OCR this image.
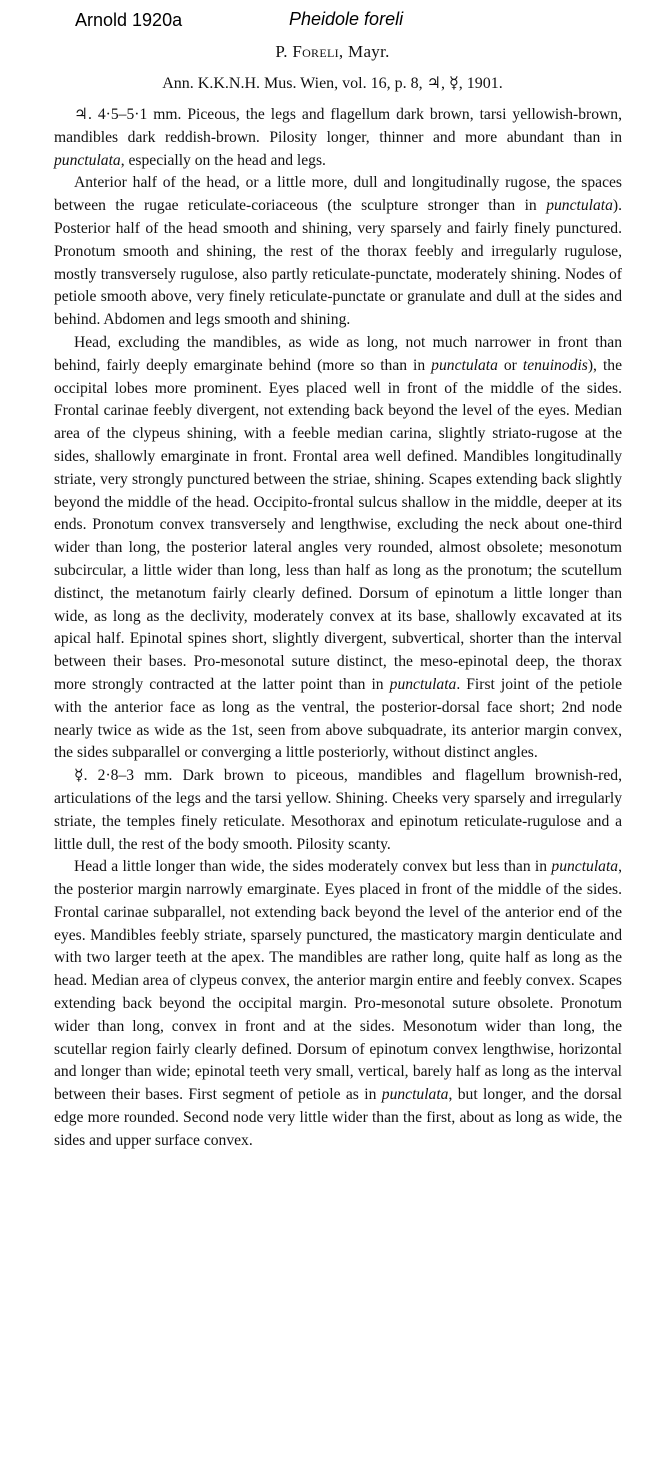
Arnold 1920a	Pheidole foreli
P. Foreli, Mayr.
Ann. K.K.N.H. Mus. Wien, vol. 16, p. 8, ♃, ☿, 1901.

♃. 4·5–5·1 mm. Piceous, the legs and flagellum dark brown, tarsi yellowish-brown, mandibles dark reddish-brown. Pilosity longer, thinner and more abundant than in punctulata, especially on the head and legs.

Anterior half of the head, or a little more, dull and longitudinally rugose, the spaces between the rugae reticulate-coriaceous (the sculpture stronger than in punctulata). Posterior half of the head smooth and shining, very sparsely and fairly finely punctured. Pronotum smooth and shining, the rest of the thorax feebly and irregularly rugulose, mostly transversely rugulose, also partly reticulate-punctate, moderately shining. Nodes of petiole smooth above, very finely reticulate-punctate or granulate and dull at the sides and behind. Abdomen and legs smooth and shining.

Head, excluding the mandibles, as wide as long, not much narrower in front than behind, fairly deeply emarginate behind (more so than in punctulata or tenuinodis), the occipital lobes more prominent. Eyes placed well in front of the middle of the sides. Frontal carinae feebly divergent, not extending back beyond the level of the eyes. Median area of the clypeus shining, with a feeble median carina, slightly striato-rugose at the sides, shallowly emarginate in front. Frontal area well defined. Mandibles longitudinally striate, very strongly punctured between the striae, shining. Scapes extending back slightly beyond the middle of the head. Occipito-frontal sulcus shallow in the middle, deeper at its ends. Pronotum convex transversely and lengthwise, excluding the neck about one-third wider than long, the posterior lateral angles very rounded, almost obsolete; mesonotum subcircular, a little wider than long, less than half as long as the pronotum; the scutellum distinct, the metanotum fairly clearly defined. Dorsum of epinotum a little longer than wide, as long as the declivity, moderately convex at its base, shallowly excavated at its apical half. Epinotal spines short, slightly divergent, subvertical, shorter than the interval between their bases. Pro-mesonotal suture distinct, the meso-epinotal deep, the thorax more strongly contracted at the latter point than in punctulata. First joint of the petiole with the anterior face as long as the ventral, the posterior-dorsal face short; 2nd node nearly twice as wide as the 1st, seen from above subquadrate, its anterior margin convex, the sides subparallel or converging a little posteriorly, without distinct angles.

☿. 2·8–3 mm. Dark brown to piceous, mandibles and flagellum brownish-red, articulations of the legs and the tarsi yellow. Shining. Cheeks very sparsely and irregularly striate, the temples finely reticulate. Mesothorax and epinotum reticulate-rugulose and a little dull, the rest of the body smooth. Pilosity scanty.

Head a little longer than wide, the sides moderately convex but less than in punctulata, the posterior margin narrowly emarginate. Eyes placed in front of the middle of the sides. Frontal carinae subparallel, not extending back beyond the level of the anterior end of the eyes. Mandibles feebly striate, sparsely punctured, the masticatory margin denticulate and with two larger teeth at the apex. The mandibles are rather long, quite half as long as the head. Median area of clypeus convex, the anterior margin entire and feebly convex. Scapes extending back beyond the occipital margin. Pro-mesonotal suture obsolete. Pronotum wider than long, convex in front and at the sides. Mesonotum wider than long, the scutellar region fairly clearly defined. Dorsum of epinotum convex lengthwise, horizontal and longer than wide; epinotal teeth very small, vertical, barely half as long as the interval between their bases. First segment of petiole as in punctulata, but longer, and the dorsal edge more rounded. Second node very little wider than the first, about as long as wide, the sides and upper surface convex.
